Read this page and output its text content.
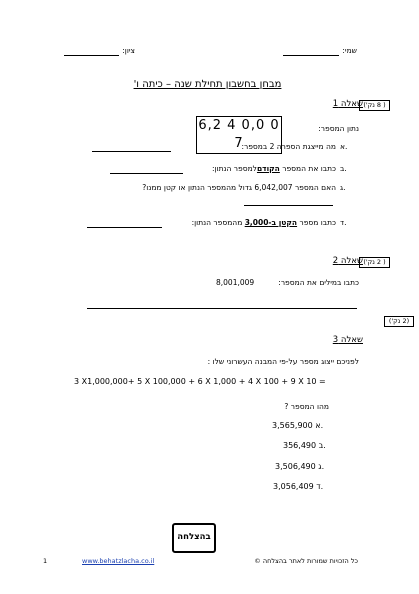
שמי:
ציון:
מבחן בחשבון תחילת שנה – כיתה ו'
שאלה 1 ( 8 נק')
6,2 4 0,0 0 7
נתון המספר:
א.
מה מייצגת הספרה 2 במספר:
ב.
כתבו את המספר הקודםלמספר הנתון:
ג.
האם המספר 6,042,007 גדול מהמספר הנתון או קטן ממנו?
ד.
כתבו מספר הקטן ב-3,000 מהמספר הנתון:
שאלה 2 ( 2 נק')
כתבו במילים את המספר:
8,001,009
שאלה 3
(2 נק')
לפניכם ייצוג מספר על-פי המבנה העשרוני שלו :
3 X1,000,000+ 5 X 100,000 + 6 X 1,000 + 4 X 100 + 9 X 10 =
מהו המספר ?
3,565,900 א.
356,490 ב.
3,506,490 ג.
3,056,409 ד.
בהצלחה
1	www.behatzlacha.co.il	כל הזכויות שמורות לאתר בהצלחה ©
